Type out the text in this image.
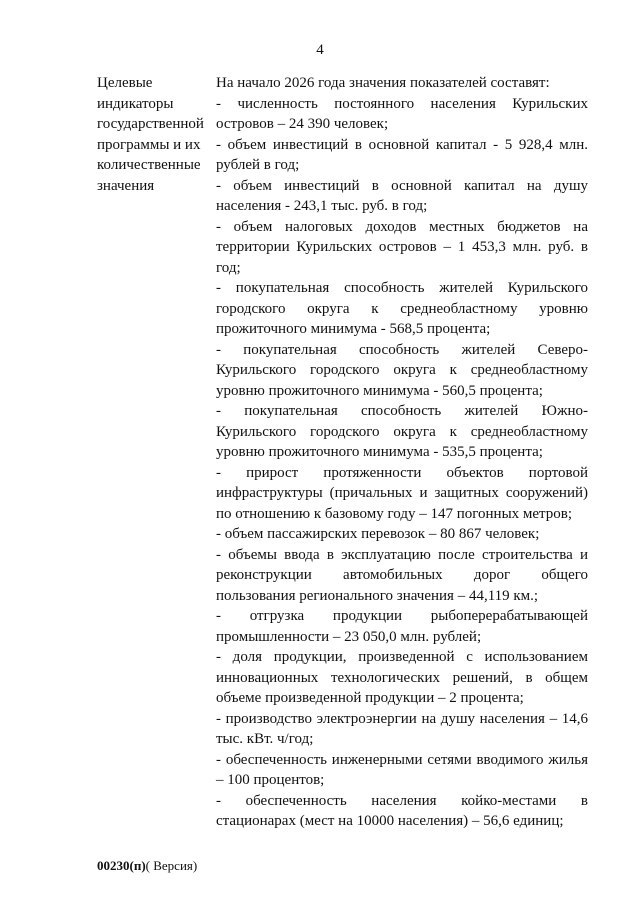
4
Целевые
индикаторы
государственной
программы и их
количественные
значения
На начало 2026 года значения показателей составят:
- численность постоянного населения Курильских островов – 24 390 человек;
- объем инвестиций в основной капитал - 5 928,4 млн. рублей в год;
- объем инвестиций в основной капитал на душу населения - 243,1 тыс. руб. в год;
- объем налоговых доходов местных бюджетов на территории Курильских островов – 1 453,3 млн. руб. в год;
- покупательная способность жителей Курильского городского округа к среднеобластному уровню прожиточного минимума - 568,5 процента;
- покупательная способность жителей Северо-Курильского городского округа к среднеобластному уровню прожиточного минимума - 560,5 процента;
- покупательная способность жителей Южно-Курильского городского округа к среднеобластному уровню прожиточного минимума - 535,5 процента;
- прирост протяженности объектов портовой инфраструктуры (причальных и защитных сооружений) по отношению к базовому году – 147 погонных метров;
- объем пассажирских перевозок – 80 867 человек;
- объемы ввода в эксплуатацию после строительства и реконструкции автомобильных дорог общего пользования регионального значения – 44,119 км.;
- отгрузка продукции рыбоперерабатывающей промышленности – 23 050,0 млн. рублей;
- доля продукции, произведенной с использованием инновационных технологических решений, в общем объеме произведенной продукции – 2 процента;
- производство электроэнергии на душу населения – 14,6 тыс. кВт. ч/год;
- обеспеченность инженерными сетями вводимого жилья – 100 процентов;
- обеспеченность населения койко-местами в стационарах (мест на 10000 населения) – 56,6 единиц;
00230(п)( Версия)
